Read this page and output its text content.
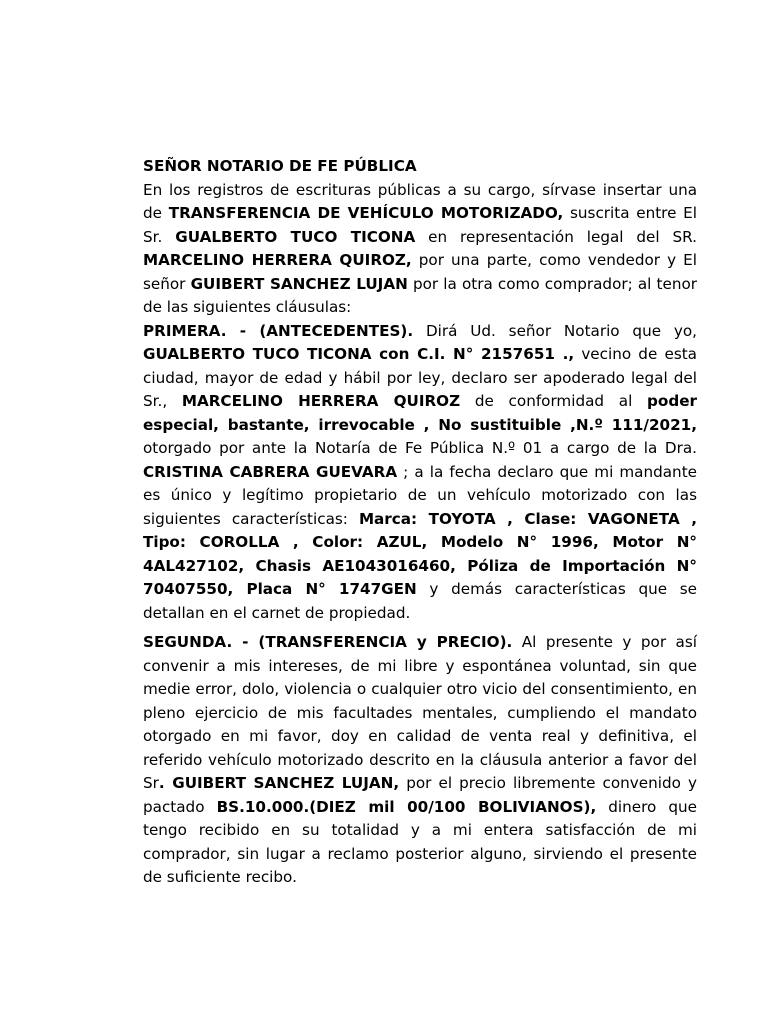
SEÑOR NOTARIO DE FE PÚBLICA

En los registros de escrituras públicas a su cargo, sírvase insertar una de TRANSFERENCIA DE VEHÍCULO MOTORIZADO, suscrita entre El Sr. GUALBERTO TUCO TICONA en representación legal del SR. MARCELINO HERRERA QUIROZ, por una parte, como vendedor y El señor GUIBERT SANCHEZ LUJAN por la otra como comprador; al tenor de las siguientes cláusulas:

PRIMERA. - (ANTECEDENTES). Dirá Ud. señor Notario que yo, GUALBERTO TUCO TICONA con C.I. N° 2157651 ., vecino de esta ciudad, mayor de edad y hábil por ley, declaro ser apoderado legal del Sr., MARCELINO HERRERA QUIROZ de conformidad al poder especial, bastante, irrevocable , No sustituible ,N.º 111/2021, otorgado por ante la Notaría de Fe Pública N.º 01 a cargo de la Dra. CRISTINA CABRERA GUEVARA ; a la fecha declaro que mi mandante es único y legítimo propietario de un vehículo motorizado con las siguientes características: Marca: TOYOTA , Clase: VAGONETA , Tipo: COROLLA , Color: AZUL, Modelo N° 1996, Motor N° 4AL427102, Chasis AE1043016460, Póliza de Importación N° 70407550, Placa N° 1747GEN y demás características que se detallan en el carnet de propiedad.

SEGUNDA. - (TRANSFERENCIA y PRECIO). Al presente y por así convenir a mis intereses, de mi libre y espontánea voluntad, sin que medie error, dolo, violencia o cualquier otro vicio del consentimiento, en pleno ejercicio de mis facultades mentales, cumpliendo el mandato otorgado en mi favor, doy en calidad de venta real y definitiva, el referido vehículo motorizado descrito en la cláusula anterior a favor del Sr. GUIBERT SANCHEZ LUJAN, por el precio libremente convenido y pactado BS.10.000.(DIEZ mil 00/100 BOLIVIANOS), dinero que tengo recibido en su totalidad y a mi entera satisfacción de mi comprador, sin lugar a reclamo posterior alguno, sirviendo el presente de suficiente recibo.
